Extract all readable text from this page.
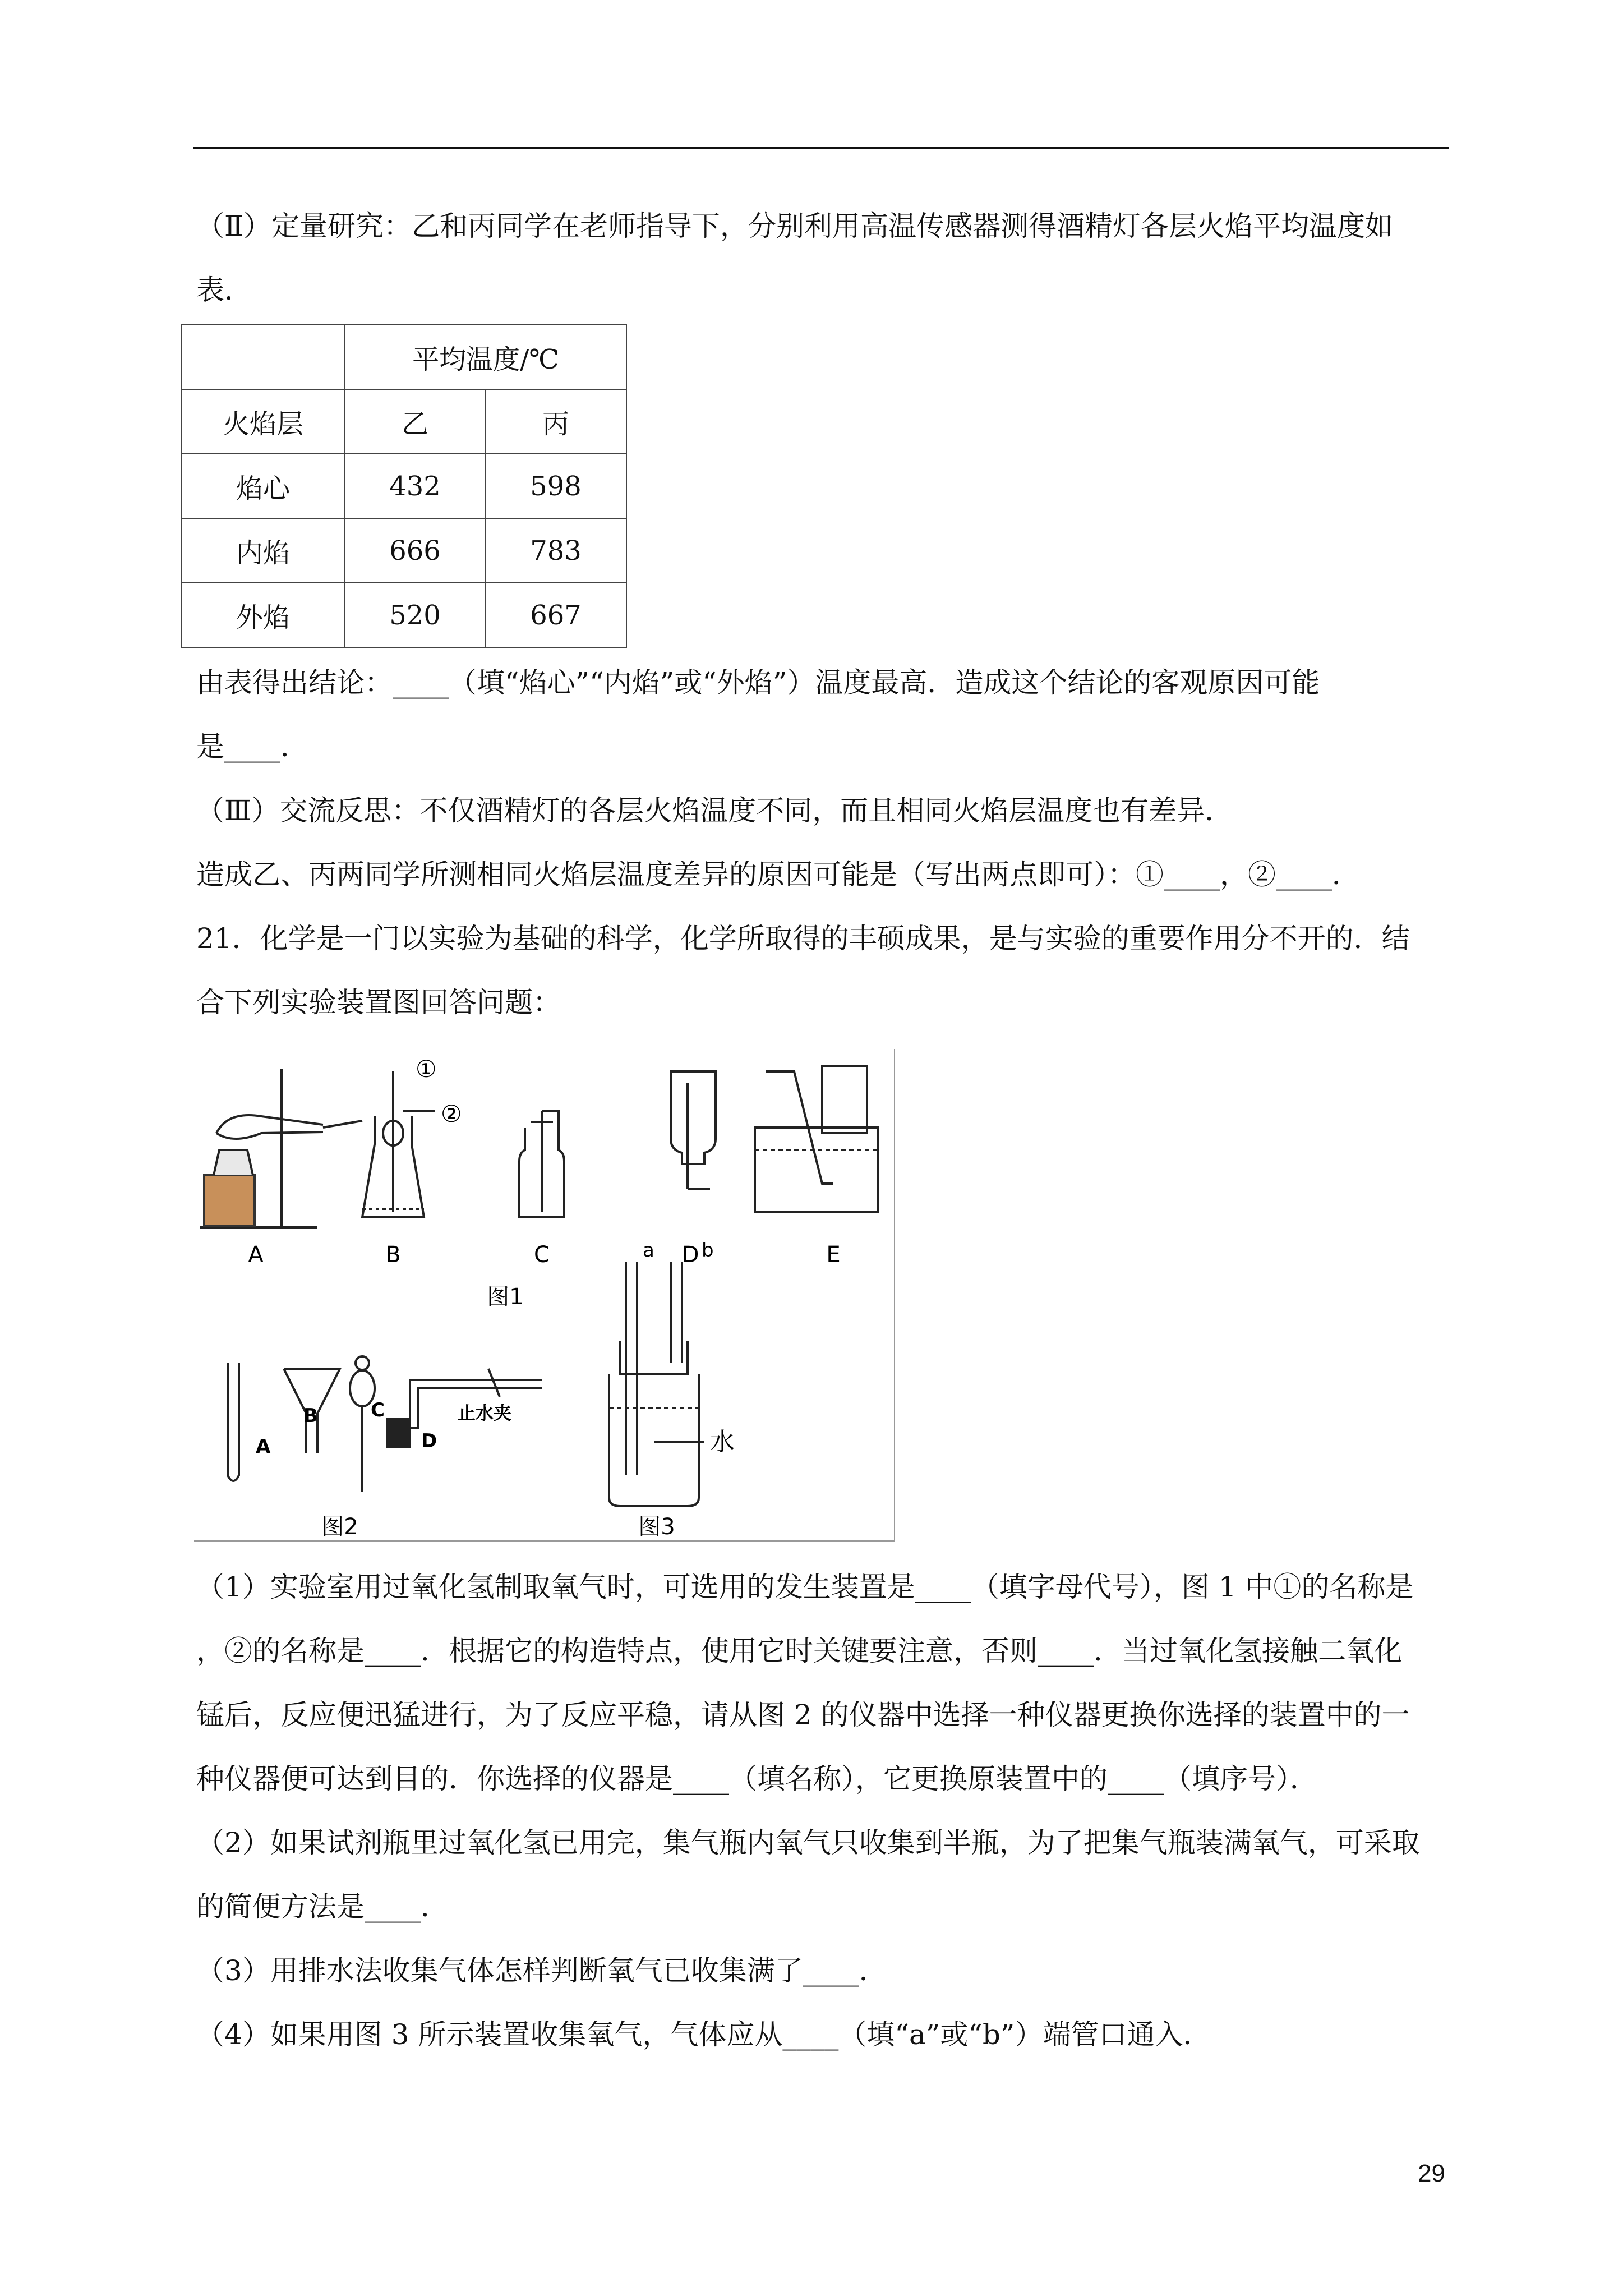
（Ⅱ）定量研究：乙和丙同学在老师指导下，分别利用高温传感器测得酒精灯各层火焰平均温度如
表．
	平均温度/℃	
火焰层	乙	丙
焰心	432	598
内焰	666	783
外焰	520	667
由表得出结论：____（填“焰心”“内焰”或“外焰”）温度最高．造成这个结论的客观原因可能
是____．
（Ⅲ）交流反思：不仅酒精灯的各层火焰温度不同，而且相同火焰层温度也有差异．
造成乙、丙两同学所测相同火焰层温度差异的原因可能是（写出两点即可）：①____，②____．
21．化学是一门以实验为基础的科学，化学所取得的丰硕成果，是与实验的重要作用分不开的．结
合下列实验装置图回答问题：
A	B	C	D	E
图1
①
②
A
B	C
D
止水夹
图2
a b
水
图3
（1）实验室用过氧化氢制取氧气时，可选用的发生装置是____（填字母代号），图 1 中①的名称是
，②的名称是____．根据它的构造特点，使用它时关键要注意，否则____．当过氧化氢接触二氧化
锰后，反应便迅猛进行，为了反应平稳，请从图 2 的仪器中选择一种仪器更换你选择的装置中的一
种仪器便可达到目的．你选择的仪器是____（填名称），它更换原装置中的____（填序号）．
（2）如果试剂瓶里过氧化氢已用完，集气瓶内氧气只收集到半瓶，为了把集气瓶装满氧气，可采取
的简便方法是____．
（3）用排水法收集气体怎样判断氧气已收集满了____．
（4）如果用图 3 所示装置收集氧气，气体应从____（填“a”或“b”）端管口通入．
29
